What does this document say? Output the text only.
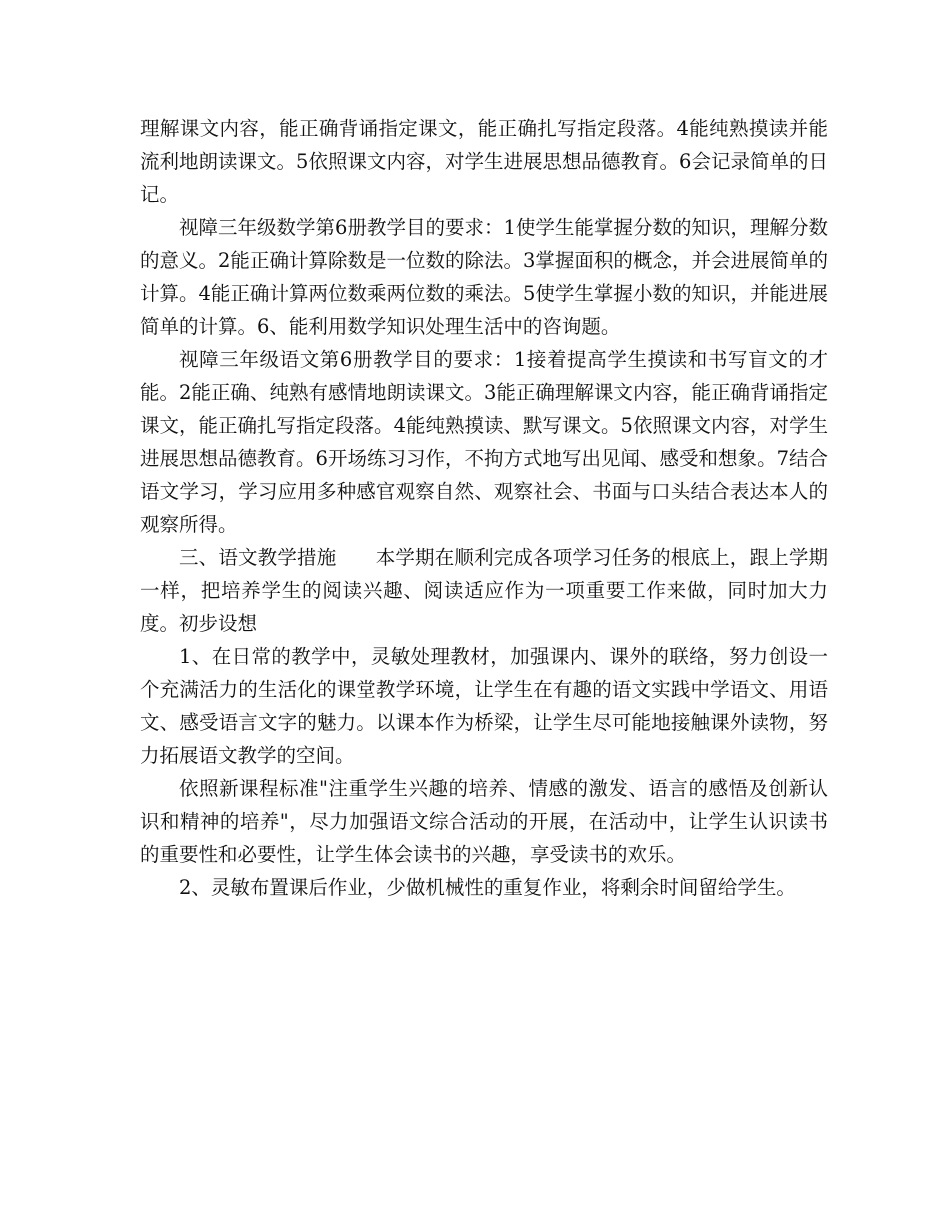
理解课文内容，能正确背诵指定课文，能正确扎写指定段落。4能纯熟摸读并能流利地朗读课文。5依照课文内容，对学生进展思想品德教育。6会记录简单的日记。

视障三年级数学第6册教学目的要求：1使学生能掌握分数的知识，理解分数的意义。2能正确计算除数是一位数的除法。3掌握面积的概念，并会进展简单的计算。4能正确计算两位数乘两位数的乘法。5使学生掌握小数的知识，并能进展简单的计算。6、能利用数学知识处理生活中的咨询题。

视障三年级语文第6册教学目的要求：1接着提高学生摸读和书写盲文的才能。2能正确、纯熟有感情地朗读课文。3能正确理解课文内容，能正确背诵指定课文，能正确扎写指定段落。4能纯熟摸读、默写课文。5依照课文内容，对学生进展思想品德教育。6开场练习习作，不拘方式地写出见闻、感受和想象。7结合语文学习，学习应用多种感官观察自然、观察社会、书面与口头结合表达本人的观察所得。

三、语文教学措施　　本学期在顺利完成各项学习任务的根底上，跟上学期一样，把培养学生的阅读兴趣、阅读适应作为一项重要工作来做，同时加大力度。初步设想

1、在日常的教学中，灵敏处理教材，加强课内、课外的联络，努力创设一个充满活力的生活化的课堂教学环境，让学生在有趣的语文实践中学语文、用语文、感受语言文字的魅力。以课本作为桥梁，让学生尽可能地接触课外读物，努力拓展语文教学的空间。

依照新课程标准"注重学生兴趣的培养、情感的激发、语言的感悟及创新认识和精神的培养"，尽力加强语文综合活动的开展，在活动中，让学生认识读书的重要性和必要性，让学生体会读书的兴趣，享受读书的欢乐。

2、灵敏布置课后作业，少做机械性的重复作业，将剩余时间留给学生。
